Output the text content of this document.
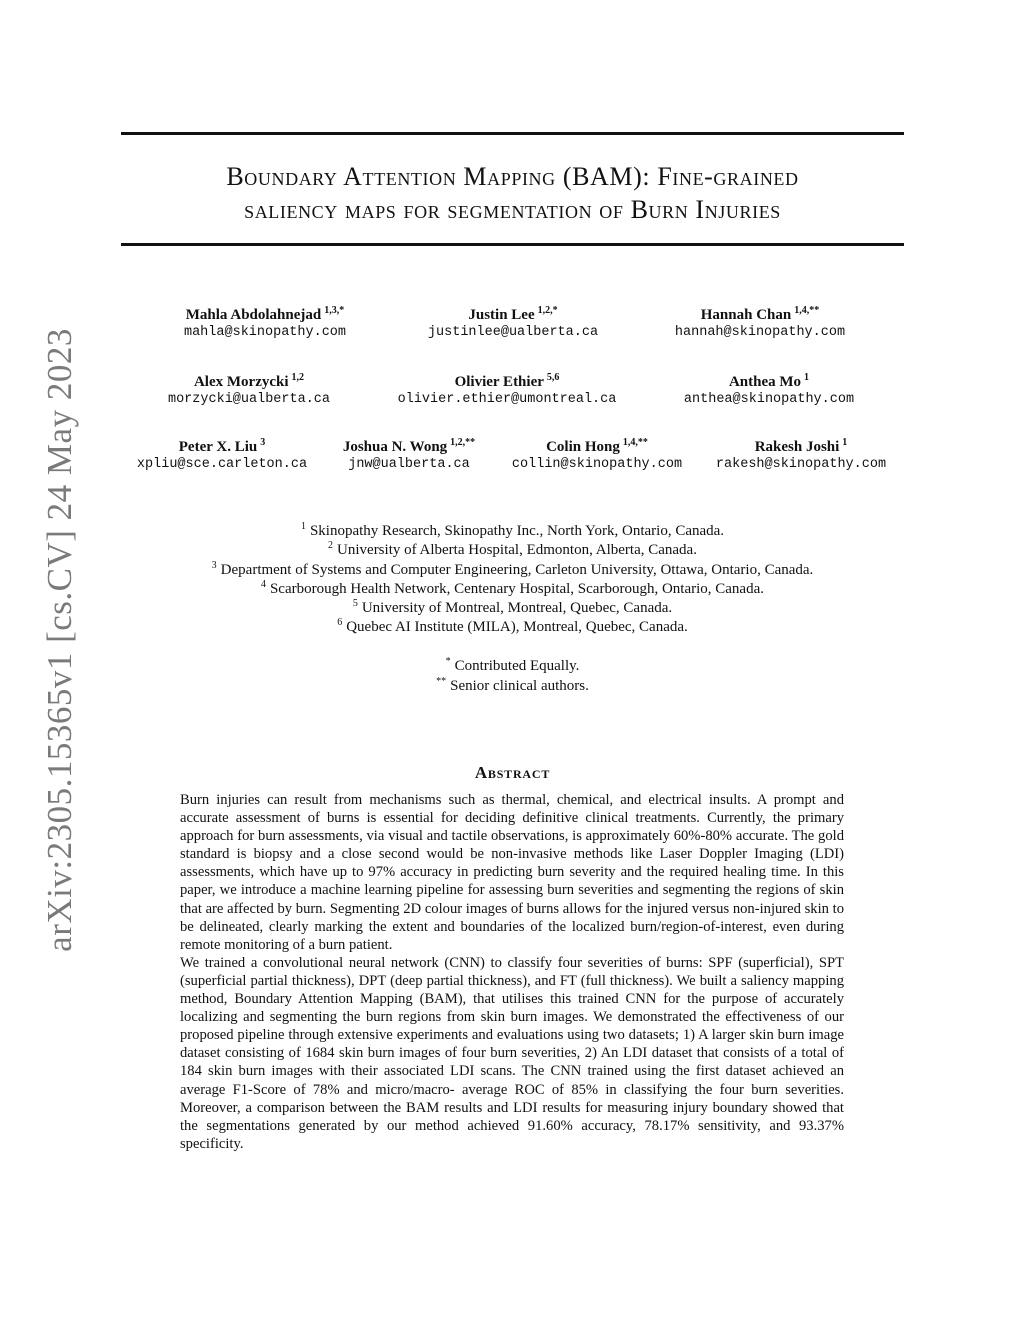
arXiv:2305.15365v1 [cs.CV] 24 May 2023
Boundary Attention Mapping (BAM): Fine-grained
saliency maps for segmentation of Burn Injuries
Mahla Abdolahnejad $^{1,3,*}$
mahla@skinopathy.com
Justin Lee $^{1,2,*}$
justinlee@ualberta.ca
Hannah Chan $^{1,4,**}$
hannah@skinopathy.com
Alex Morzycki $^{1,2}$
morzycki@ualberta.ca
Olivier Ethier $^{5,6}$
olivier.ethier@umontreal.ca
Anthea Mo $^1$
anthea@skinopathy.com
Peter X. Liu $^3$
xpliu@sce.carleton.ca
Joshua N. Wong $^{1,2,**}$
jnw@ualberta.ca
Colin Hong $^{1,4,**}$
collin@skinopathy.com
Rakesh Joshi $^1$
rakesh@skinopathy.com
$^1$ Skinopathy Research, Skinopathy Inc., North York, Ontario, Canada.
$^2$ University of Alberta Hospital, Edmonton, Alberta, Canada.
$^3$ Department of Systems and Computer Engineering, Carleton University, Ottawa, Ontario, Canada.
$^4$ Scarborough Health Network, Centenary Hospital, Scarborough, Ontario, Canada.
$^5$ University of Montreal, Montreal, Quebec, Canada.
$^6$ Quebec AI Institute (MILA), Montreal, Quebec, Canada.
* Contributed Equally.
** Senior clinical authors.
Abstract

Burn injuries can result from mechanisms such as thermal, chemical, and electrical insults. A prompt and accurate assessment of burns is essential for deciding definitive clinical treatments. Currently, the primary approach for burn assessments, via visual and tactile observations, is approximately 60%-80% accurate. The gold standard is biopsy and a close second would be non-invasive methods like Laser Doppler Imaging (LDI) assessments, which have up to 97% accuracy in predicting burn severity and the required healing time. In this paper, we introduce a machine learning pipeline for assessing burn severities and segmenting the regions of skin that are affected by burn. Segmenting 2D colour images of burns allows for the injured versus non-injured skin to be delineated, clearly marking the extent and boundaries of the localized burn/region-of-interest, even during remote monitoring of a burn patient.

We trained a convolutional neural network (CNN) to classify four severities of burns: SPF (superficial), SPT (superficial partial thickness), DPT (deep partial thickness), and FT (full thickness). We built a saliency mapping method, Boundary Attention Mapping (BAM), that utilises this trained CNN for the purpose of accurately localizing and segmenting the burn regions from skin burn images. We demonstrated the effectiveness of our proposed pipeline through extensive experiments and evaluations using two datasets; 1) A larger skin burn image dataset consisting of 1684 skin burn images of four burn severities, 2) An LDI dataset that consists of a total of 184 skin burn images with their associated LDI scans. The CNN trained using the first dataset achieved an average F1-Score of 78% and micro/macro- average ROC of 85% in classifying the four burn severities. Moreover, a comparison between the BAM results and LDI results for measuring injury boundary showed that the segmentations generated by our method achieved 91.60% accuracy, 78.17% sensitivity, and 93.37% specificity.
